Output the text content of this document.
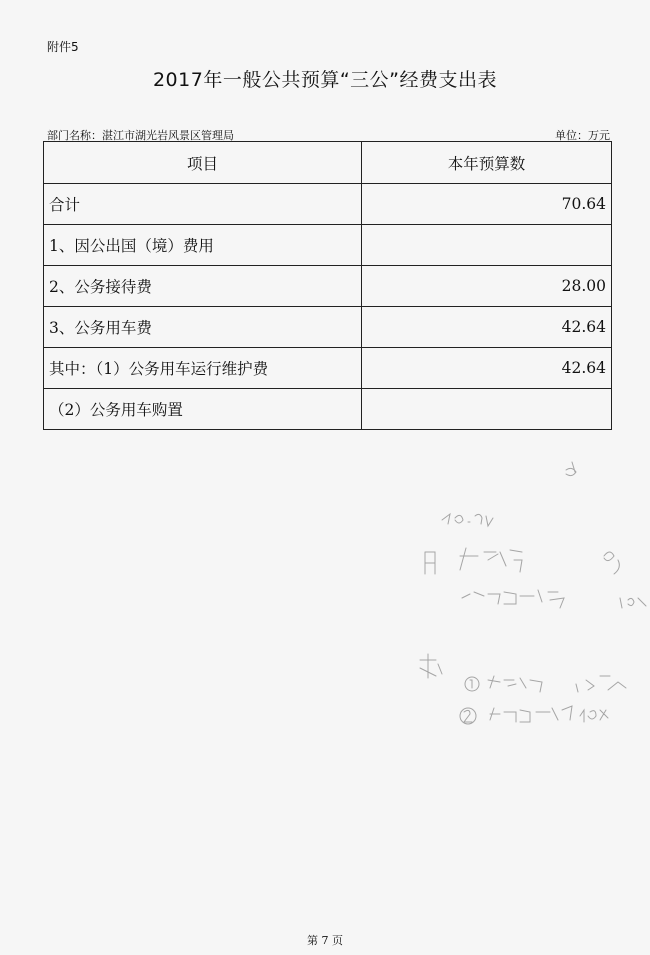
附件5
2017年一般公共预算“三公”经费支出表
部门名称：湛江市湖光岩风景区管理局	单位：万元
项目	本年预算数
合计	70.64
1、因公出国（境）费用	
2、公务接待费	28.00
3、公务用车费	42.64
其中：（1）公务用车运行维护费	42.64
（2）公务用车购置	
第 7 页
